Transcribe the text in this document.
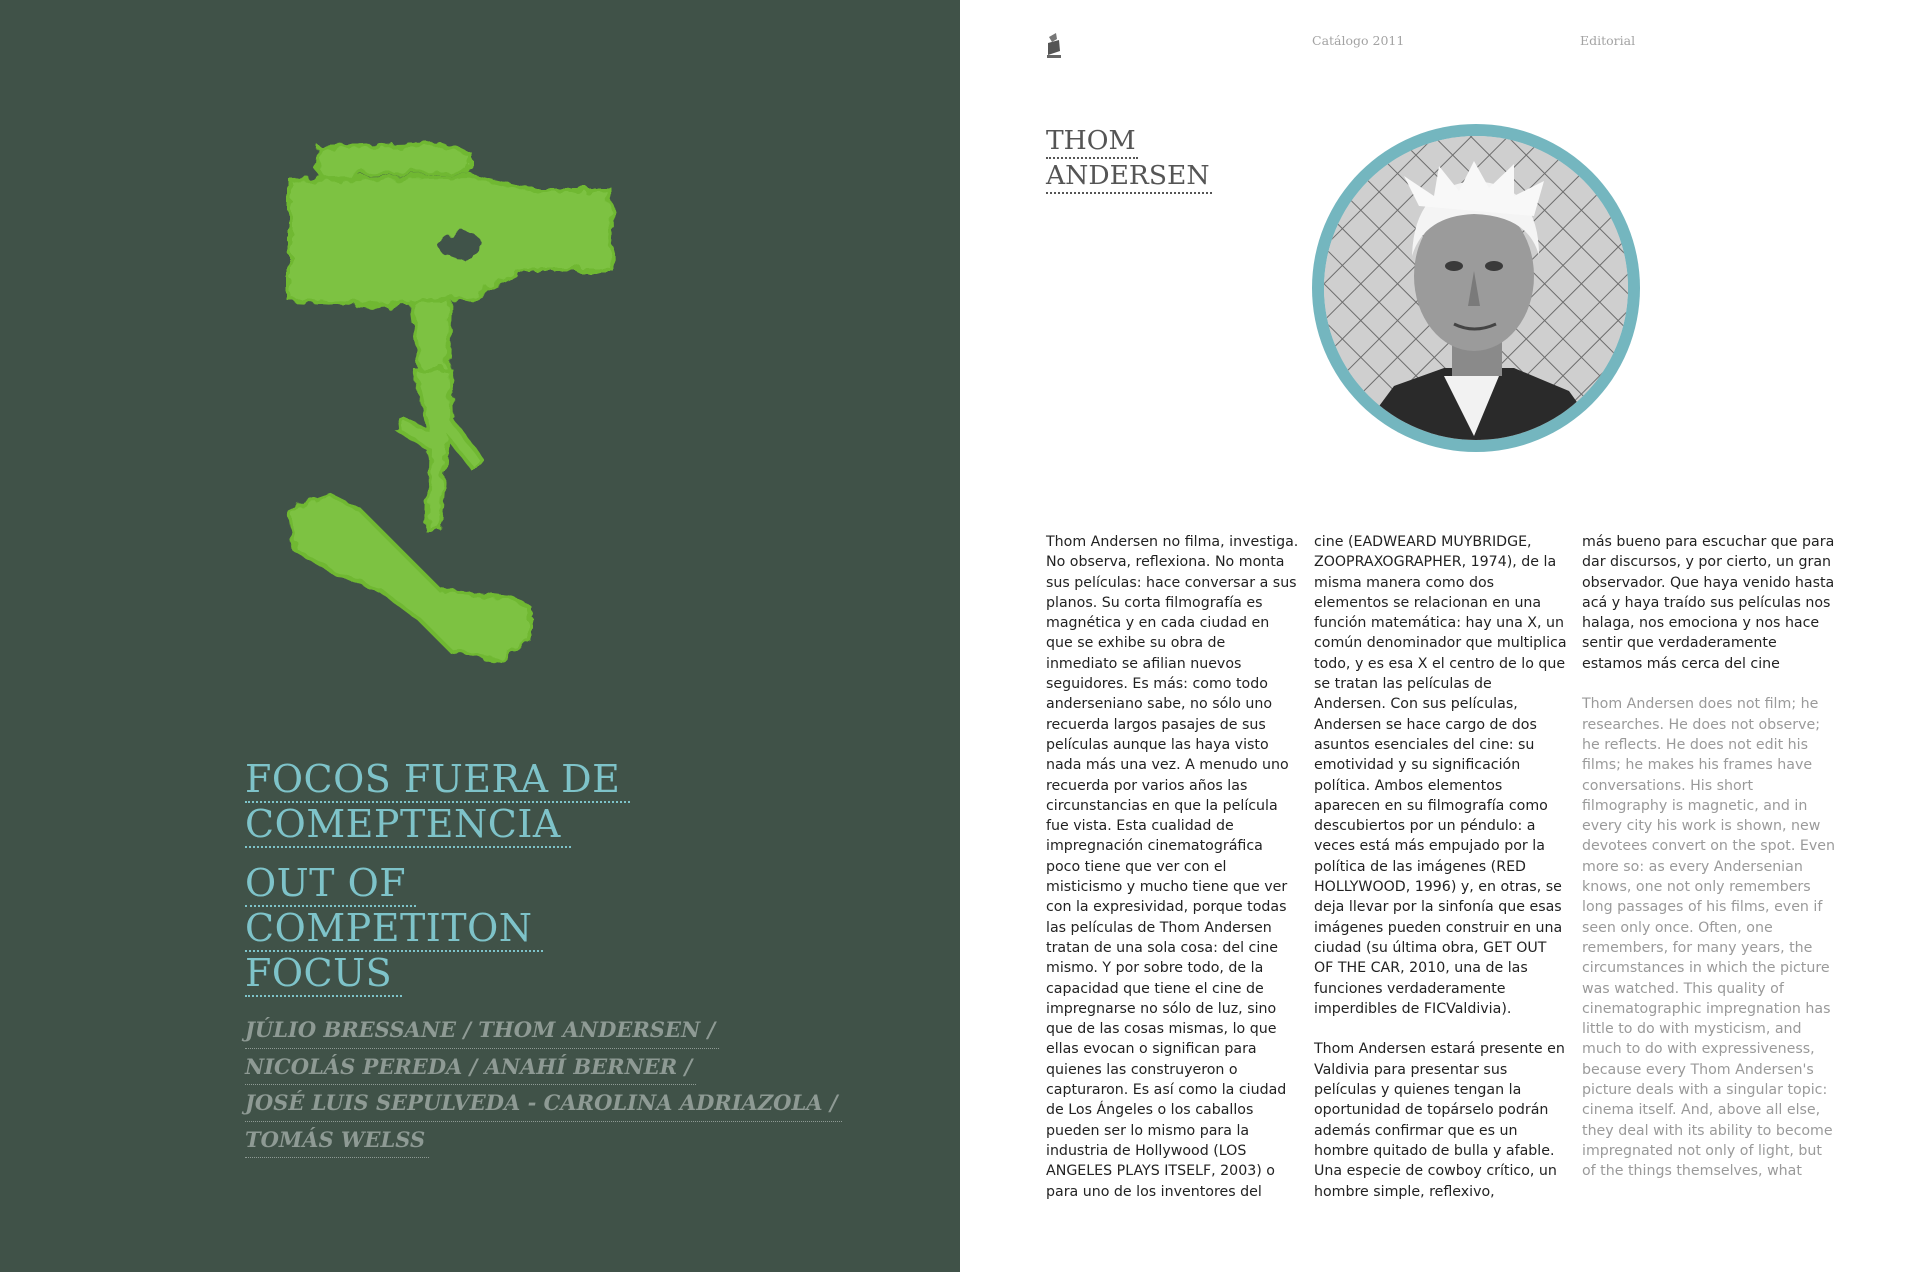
FOCOS FUERA DE
COMEPTENCIA
OUT OF
COMPETITON
FOCUS
JÚLIO BRESSANE / THOM ANDERSEN /
NICOLÁS PEREDA / ANAHÍ BERNER /
JOSÉ LUIS SEPULVEDA - CAROLINA ADRIAZOLA /
TOMÁS WELSS
Catálogo 2011	Editorial
THOM
ANDERSEN

Thom Andersen no filma, investiga. No observa, reflexiona. No monta sus películas: hace conversar a sus planos. Su corta filmografía es magnética y en cada ciudad en que se exhibe su obra de inmediato se afilian nuevos seguidores. Es más: como todo anderseniano sabe, no sólo uno recuerda largos pasajes de sus películas aunque las haya visto nada más una vez. A menudo uno recuerda por varios años las circunstancias en que la película fue vista. Esta cualidad de impregnación cinematográfica poco tiene que ver con el misticismo y mucho tiene que ver con la expresividad, porque todas las películas de Thom Andersen tratan de una sola cosa: del cine mismo. Y por sobre todo, de la capacidad que tiene el cine de impregnarse no sólo de luz, sino que de las cosas mismas, lo que ellas evocan o significan para quienes las construyeron o capturaron. Es así como la ciudad de Los Ángeles o los caballos pueden ser lo mismo para la industria de Hollywood (LOS ANGELES PLAYS ITSELF, 2003) o para uno de los inventores del

cine (EADWEARD MUYBRIDGE, ZOOPRAXOGRAPHER, 1974), de la misma manera como dos elementos se relacionan en una función matemática: hay una X, un común denominador que multiplica todo, y es esa X el centro de lo que se tratan las películas de Andersen. Con sus películas, Andersen se hace cargo de dos asuntos esenciales del cine: su emotividad y su significación política. Ambos elementos aparecen en su filmografía como descubiertos por un péndulo: a veces está más empujado por la política de las imágenes (RED HOLLYWOOD, 1996) y, en otras, se deja llevar por la sinfonía que esas imágenes pueden construir en una ciudad (su última obra, GET OUT OF THE CAR, 2010, una de las funciones verdaderamente imperdibles de FICValdivia).

Thom Andersen estará presente en Valdivia para presentar sus películas y quienes tengan la oportunidad de topárselo podrán además confirmar que es un hombre quitado de bulla y afable. Una especie de cowboy crítico, un hombre simple, reflexivo,

más bueno para escuchar que para dar discursos, y por cierto, un gran observador. Que haya venido hasta acá y haya traído sus películas nos halaga, nos emociona y nos hace sentir que verdaderamente estamos más cerca del cine

Thom Andersen does not film; he researches. He does not observe; he reflects. He does not edit his films; he makes his frames have conversations. His short filmography is magnetic, and in every city his work is shown, new devotees convert on the spot. Even more so: as every Andersenian knows, one not only remembers long passages of his films, even if seen only once. Often, one remembers, for many years, the circumstances in which the picture was watched. This quality of cinematographic impregnation has little to do with mysticism, and much to do with expressiveness, because every Thom Andersen's picture deals with a singular topic: cinema itself. And, above all else, they deal with its ability to become impregnated not only of light, but of the things themselves, what
